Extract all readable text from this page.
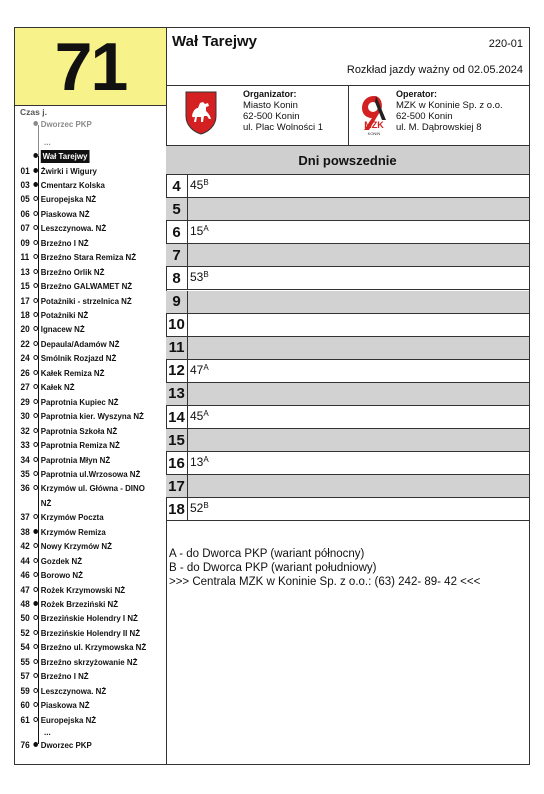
71
Czas j.
Dworzec PKP
...
Wał Tarejwy
01	Żwirki i Wigury
03	Cmentarz Kolska
05	Europejska NŻ
06	Piaskowa NŻ
07	Leszczynowa. NŻ
09	Brzeźno I NŻ
11	Brzeźno Stara Remiza NŻ
13	Brzeźno Orlik NŻ
15	Brzeźno GALWAMET NŻ
17	Potażniki - strzelnica NŻ
18	Potażniki NŻ
20	Ignacew NŻ
22	Depaula/Adamów NŻ
24	Smólnik Rozjazd NŻ
26	Kałek Remiza NŻ
27	Kałek NŻ
29	Paprotnia Kupiec NŻ
30	Paprotnia kier. Wyszyna NŻ
32	Paprotnia Szkoła NŻ
33	Paprotnia Remiza NŻ
34	Paprotnia Młyn NŻ
35	Paprotnia ul.Wrzosowa NŻ
36	Krzymów ul. Główna - DINO
NŻ
37	Krzymów Poczta
38	Krzymów Remiza
42	Nowy Krzymów NŻ
44	Gozdek NŻ
46	Borowo NŻ
47	Rożek Krzymowski NŻ
48	Rożek Brzeziński NŻ
50	Brzezińskie Holendry I NŻ
52	Brzezińskie Holendry II NŻ
54	Brzeźno ul. Krzymowska NŻ
55	Brzeźno skrzyżowanie NŻ
57	Brzeźno I NŻ
59	Leszczynowa. NŻ
60	Piaskowa NŻ
61	Europejska NŻ
...
76	Dworzec PKP
Wał Tarejwy	220-01
Rozkład jazdy ważny od 02.05.2024
Organizator:
Miasto Konin
62-500 Konin
ul. Plac Wolności 1	MZK
KONIN
Operator:
MZK w Koninie Sp. z o.o.
62-500 Konin
ul. M. Dąbrowskiej 8
Dni powszednie
4 $45^B$
5
6 $15^A$
7
8 $53^B$
9
10
11
12 $47^A$
13
14 $45^A$
15
16 $13^A$
17
18 $52^B$
A - do Dworca PKP (wariant północny)
B - do Dworca PKP (wariant południowy)
>>> Centrala MZK w Koninie Sp. z o.o.: (63) 242- 89- 42 <<<
